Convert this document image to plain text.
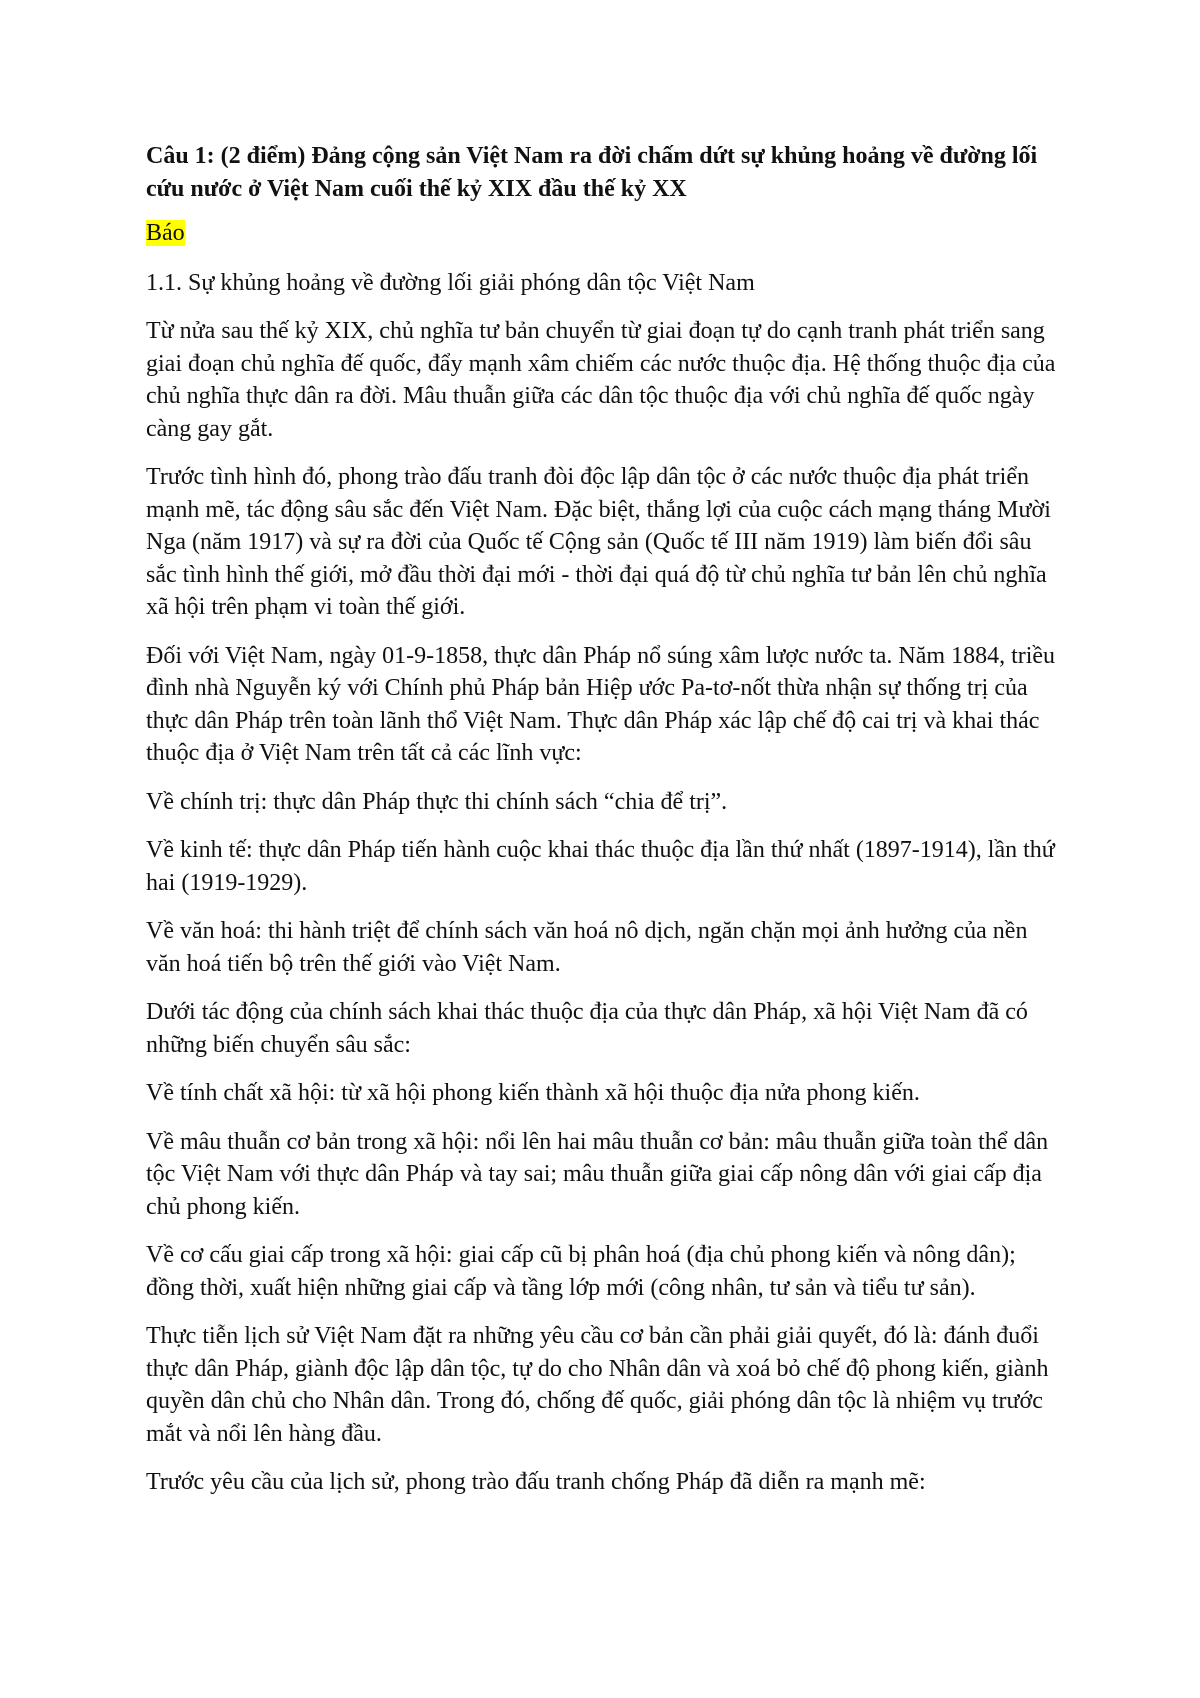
Câu 1: (2 điểm) Đảng cộng sản Việt Nam ra đời chấm dứt sự khủng hoảng về đường lối cứu nước ở Việt Nam cuối thế kỷ XIX đầu thế kỷ XX

Báo

1.1. Sự khủng hoảng về đường lối giải phóng dân tộc Việt Nam

Từ nửa sau thế kỷ XIX, chủ nghĩa tư bản chuyển từ giai đoạn tự do cạnh tranh phát triển sang giai đoạn chủ nghĩa đế quốc, đẩy mạnh xâm chiếm các nước thuộc địa. Hệ thống thuộc địa của chủ nghĩa thực dân ra đời. Mâu thuẫn giữa các dân tộc thuộc địa với chủ nghĩa đế quốc ngày càng gay gắt.

Trước tình hình đó, phong trào đấu tranh đòi độc lập dân tộc ở các nước thuộc địa phát triển mạnh mẽ, tác động sâu sắc đến Việt Nam. Đặc biệt, thắng lợi của cuộc cách mạng tháng Mười Nga (năm 1917) và sự ra đời của Quốc tế Cộng sản (Quốc tế III năm 1919) làm biến đổi sâu sắc tình hình thế giới, mở đầu thời đại mới - thời đại quá độ từ chủ nghĩa tư bản lên chủ nghĩa xã hội trên phạm vi toàn thế giới.

Đối với Việt Nam, ngày 01-9-1858, thực dân Pháp nổ súng xâm lược nước ta. Năm 1884, triều đình nhà Nguyễn ký với Chính phủ Pháp bản Hiệp ước Pa-tơ-nốt thừa nhận sự thống trị của thực dân Pháp trên toàn lãnh thổ Việt Nam. Thực dân Pháp xác lập chế độ cai trị và khai thác thuộc địa ở Việt Nam trên tất cả các lĩnh vực:

Về chính trị: thực dân Pháp thực thi chính sách “chia để trị”.

Về kinh tế: thực dân Pháp tiến hành cuộc khai thác thuộc địa lần thứ nhất (1897-1914), lần thứ hai (1919-1929).

Về văn hoá: thi hành triệt để chính sách văn hoá nô dịch, ngăn chặn mọi ảnh hưởng của nền văn hoá tiến bộ trên thế giới vào Việt Nam.

Dưới tác động của chính sách khai thác thuộc địa của thực dân Pháp, xã hội Việt Nam đã có những biến chuyển sâu sắc:

Về tính chất xã hội: từ xã hội phong kiến thành xã hội thuộc địa nửa phong kiến.

Về mâu thuẫn cơ bản trong xã hội: nổi lên hai mâu thuẫn cơ bản: mâu thuẫn giữa toàn thể dân tộc Việt Nam với thực dân Pháp và tay sai; mâu thuẫn giữa giai cấp nông dân với giai cấp địa chủ phong kiến.

Về cơ cấu giai cấp trong xã hội: giai cấp cũ bị phân hoá (địa chủ phong kiến và nông dân); đồng thời, xuất hiện những giai cấp và tầng lớp mới (công nhân, tư sản và tiểu tư sản).

Thực tiễn lịch sử Việt Nam đặt ra những yêu cầu cơ bản cần phải giải quyết, đó là: đánh đuổi thực dân Pháp, giành độc lập dân tộc, tự do cho Nhân dân và xoá bỏ chế độ phong kiến, giành quyền dân chủ cho Nhân dân. Trong đó, chống đế quốc, giải phóng dân tộc là nhiệm vụ trước mắt và nổi lên hàng đầu.

Trước yêu cầu của lịch sử, phong trào đấu tranh chống Pháp đã diễn ra mạnh mẽ:
